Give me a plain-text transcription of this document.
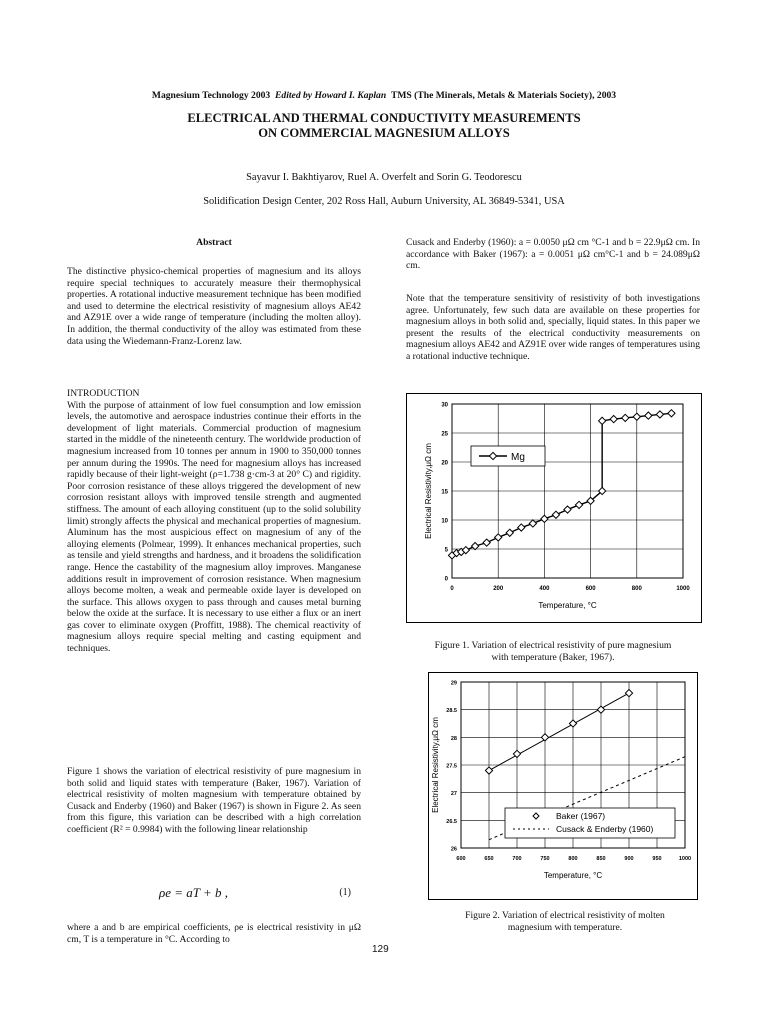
Magnesium Technology 2003 Edited by Howard I. Kaplan TMS (The Minerals, Metals & Materials Society), 2003
ELECTRICAL AND THERMAL CONDUCTIVITY MEASUREMENTS
ON COMMERCIAL MAGNESIUM ALLOYS
Sayavur I. Bakhtiyarov, Ruel A. Overfelt and Sorin G. Teodorescu
Solidification Design Center, 202 Ross Hall, Auburn University, AL 36849-5341, USA
Abstract

The distinctive physico-chemical properties of magnesium and its alloys require special techniques to accurately measure their thermophysical properties. A rotational inductive measurement technique has been modified and used to determine the electrical resistivity of magnesium alloys AE42 and AZ91E over a wide range of temperature (including the molten alloy). In addition, the thermal conductivity of the alloy was estimated from these data using the Wiedemann-Franz-Lorenz law.

INTRODUCTION

With the purpose of attainment of low fuel consumption and low emission levels, the automotive and aerospace industries continue their efforts in the development of light materials. Commercial production of magnesium started in the middle of the nineteenth century. The worldwide production of magnesium increased from 10 tonnes per annum in 1900 to 350,000 tonnes per annum during the 1990s. The need for magnesium alloys has increased rapidly because of their light-weight (ρ=1.738 g·cm-3 at 20° C) and rigidity. Poor corrosion resistance of these alloys triggered the development of new corrosion resistant alloys with improved tensile strength and augmented stiffness. The amount of each alloying constituent (up to the solid solubility limit) strongly affects the physical and mechanical properties of magnesium. Aluminum has the most auspicious effect on magnesium of any of the alloying elements (Polmear, 1999). It enhances mechanical properties, such as tensile and yield strengths and hardness, and it broadens the solidification range. Hence the castability of the magnesium alloy improves. Manganese additions result in improvement of corrosion resistance. When magnesium alloys become molten, a weak and permeable oxide layer is developed on the surface. This allows oxygen to pass through and causes metal burning below the oxide at the surface. It is necessary to use either a flux or an inert gas cover to eliminate oxygen (Proffitt, 1988). The chemical reactivity of magnesium alloys require special melting and casting equipment and techniques.

Figure 1 shows the variation of electrical resistivity of pure magnesium in both solid and liquid states with temperature (Baker, 1967). Variation of electrical resistivity of molten magnesium with temperature obtained by Cusack and Enderby (1960) and Baker (1967) is shown in Figure 2. As seen from this figure, this variation can be described with a high correlation coefficient (R² = 0.9984) with the following linear relationship

ρe = aT + b ,	(1)

where a and b are empirical coefficients, ρe is electrical resistivity in μΩ cm, T is a temperature in °C. According to

Cusack and Enderby (1960): a = 0.0050 μΩ cm °C-1 and b = 22.9μΩ cm. In accordance with Baker (1967): a = 0.0051 μΩ cm°C-1 and b = 24.089μΩ cm.

Note that the temperature sensitivity of resistivity of both investigations agree. Unfortunately, few such data are available on these properties for magnesium alloys in both solid and, specially, liquid states. In this paper we present the results of the electrical conductivity measurements on magnesium alloys AE42 and AZ91E over wide ranges of temperatures using a rotational inductive technique.

0	200	400	600	800	1000
0
5
10
15
20
25
30
Temperature, °C
Electrical Resistivity,μΩ cm	Mg
Figure 1. Variation of electrical resistivity of pure magnesium
with temperature (Baker, 1967).
600	650	700	750	800	850	900	950	1000
26
26.5
27
27.5
28
28.5
29
Temperature, °C
Electrical Resistivity,μΩ cm
Baker (1967)
Cusack & Enderby (1960)
Figure 2. Variation of electrical resistivity of molten
magnesium with temperature.
129
